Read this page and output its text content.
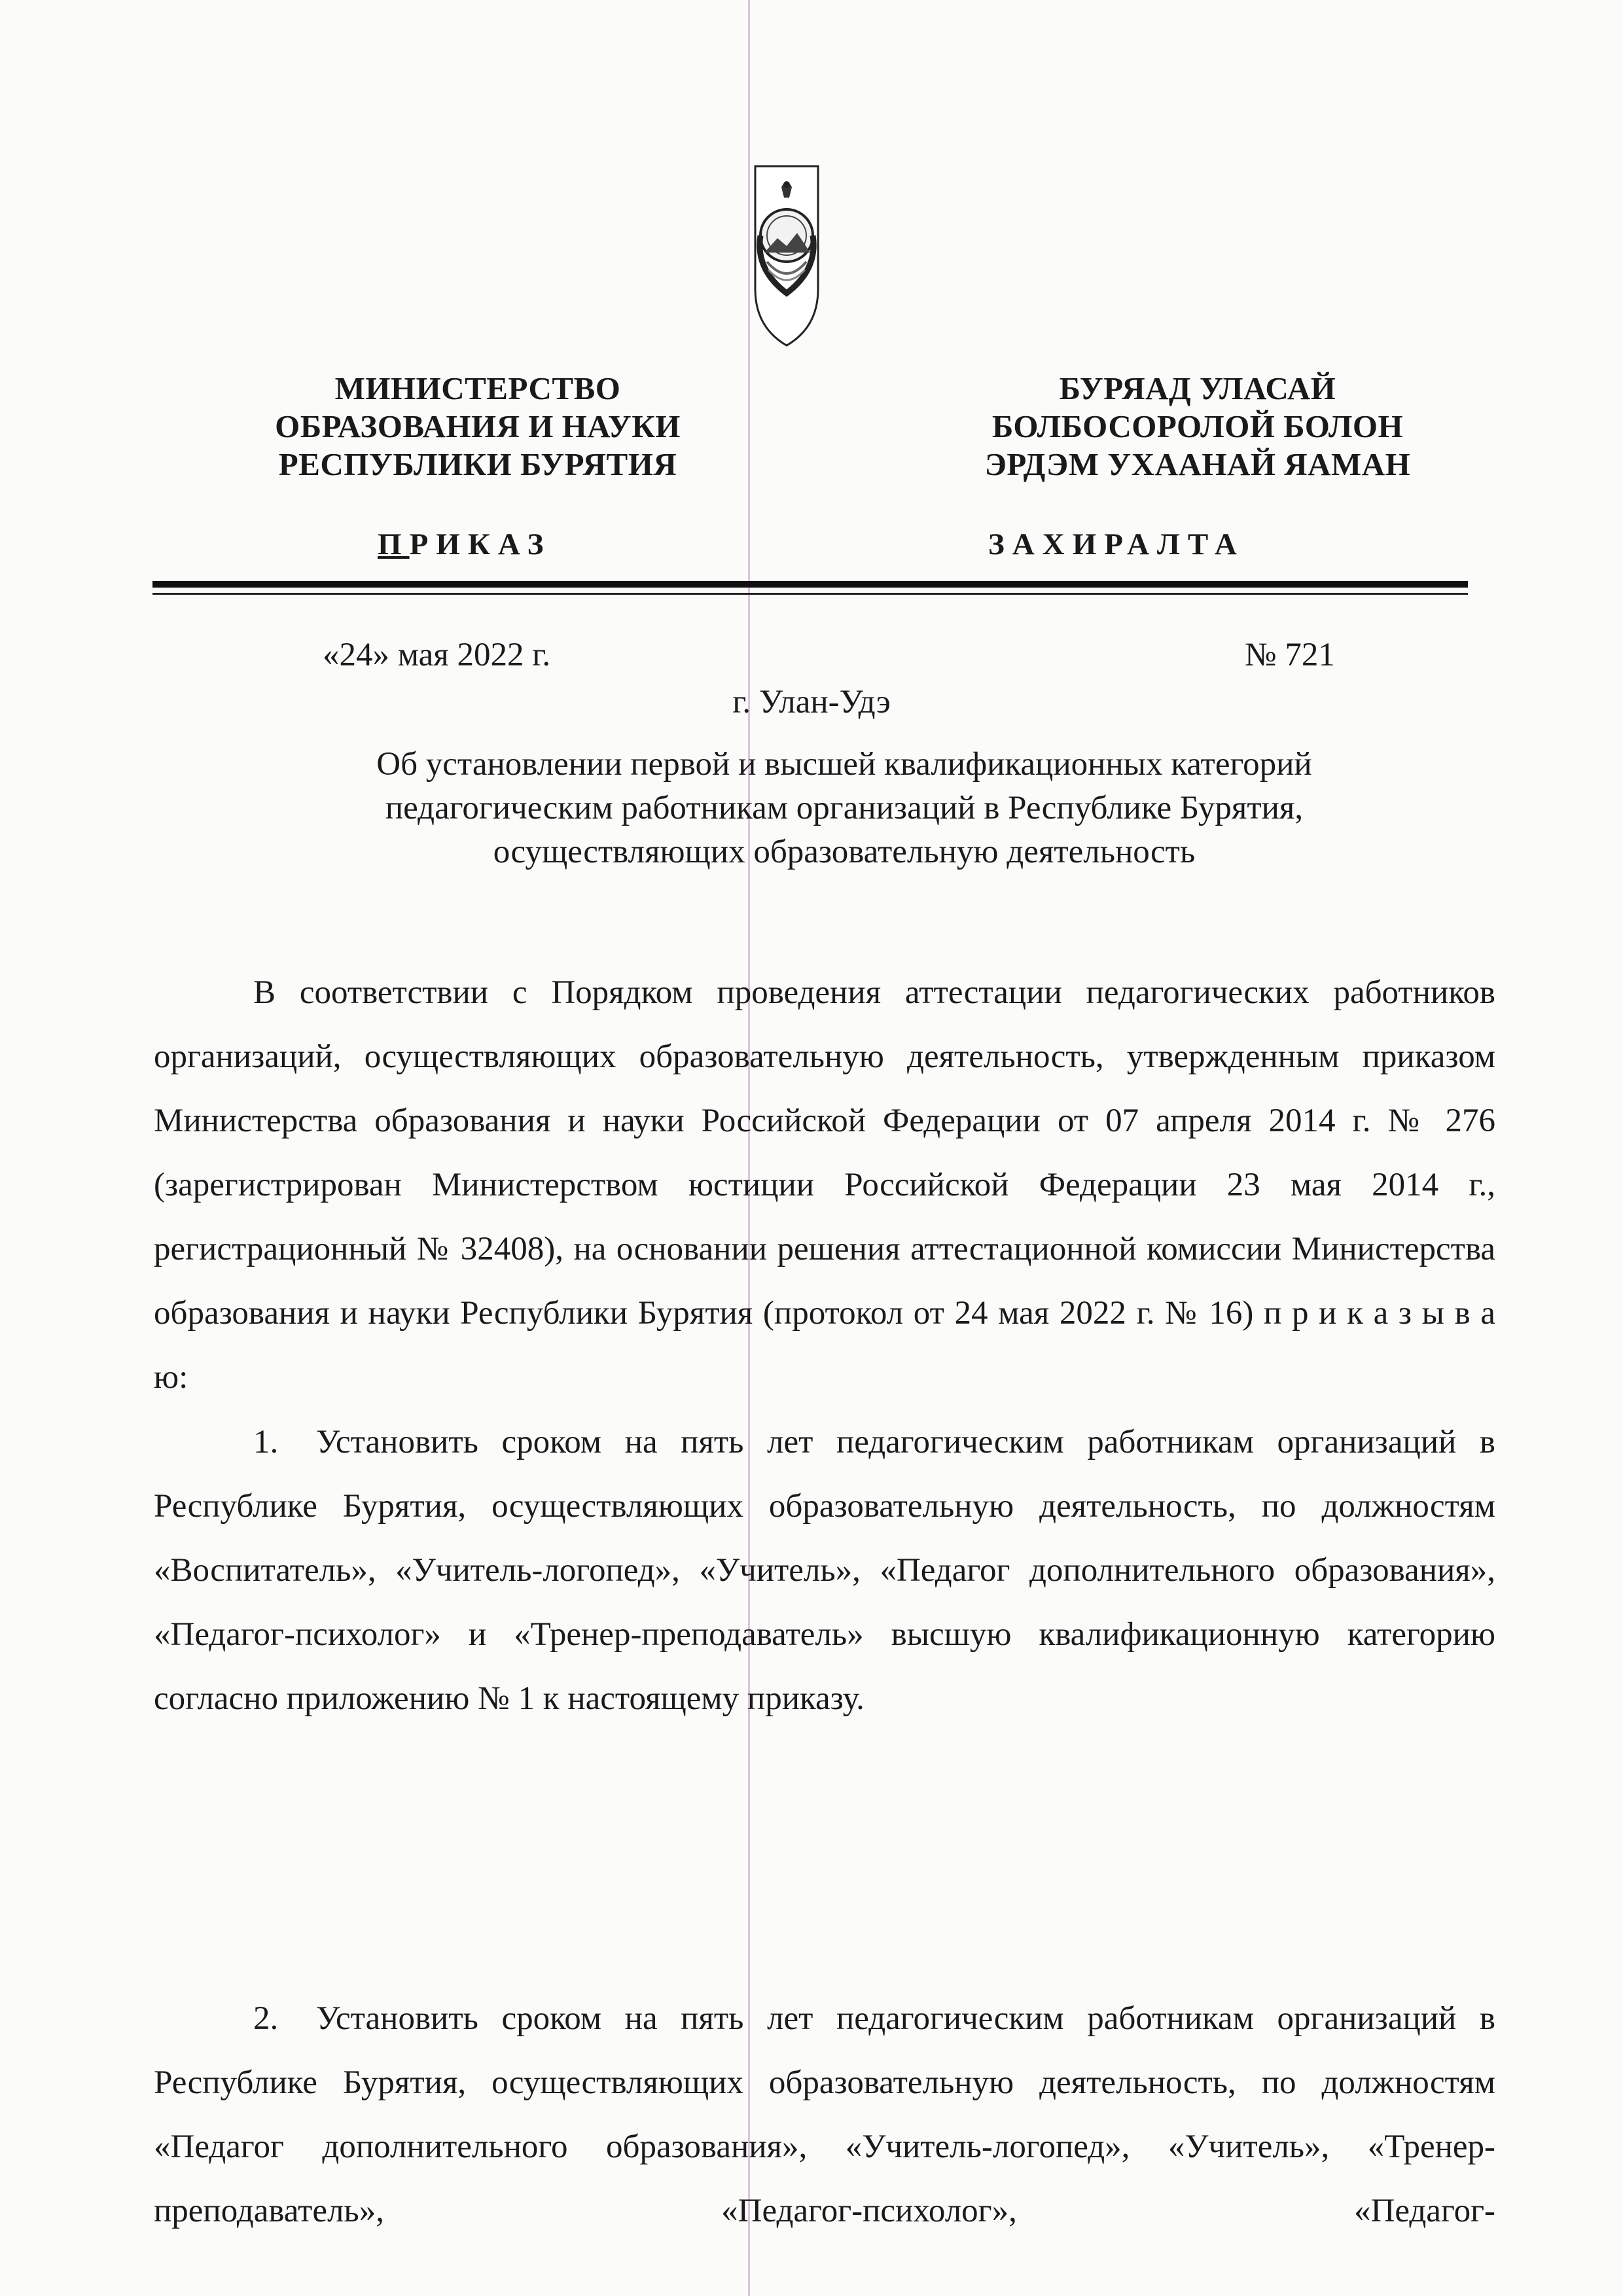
МИНИСТЕРСТВО
ОБРАЗОВАНИЯ И НАУКИ
РЕСПУБЛИКИ БУРЯТИЯ
БУРЯАД УЛАСАЙ
БОЛБОСОРОЛОЙ БОЛОН
ЭРДЭМ УХААНАЙ ЯАМАН
ПРИКАЗ	ЗАХИРАЛТА
«24» мая 2022 г.	№ 721
г. Улан-Удэ
Об установлении первой и высшей квалификационных категорий
педагогическим работникам организаций в Республике Бурятия,
осуществляющих образовательную деятельность

В соответствии с Порядком проведения аттестации педагогических работников организаций, осуществляющих образовательную деятельность, утвержденным приказом Министерства образования и науки Российской Федерации от 07 апреля 2014 г. № 276 (зарегистрирован Министерством юстиции Российской Федерации 23 мая 2014 г., регистрационный № 32408), на основании решения аттестационной комиссии Министерства образования и науки Республики Бурятия (протокол от 24 мая 2022 г. № 16) п р и к а з ы в а ю:

1. Установить сроком на пять лет педагогическим работникам организаций в Республике Бурятия, осуществляющих образовательную деятельность, по должностям «Воспитатель», «Учитель-логопед», «Учитель», «Педагог дополнительного образования», «Педагог-психолог» и «Тренер-преподаватель» высшую квалификационную категорию согласно приложению № 1 к настоящему приказу.

2. Установить сроком на пять лет педагогическим работникам организаций в Республике Бурятия, осуществляющих образовательную деятельность, по должностям «Педагог дополнительного образования», «Учитель-логопед», «Учитель», «Тренер-преподаватель», «Педагог-психолог», «Педагог-
